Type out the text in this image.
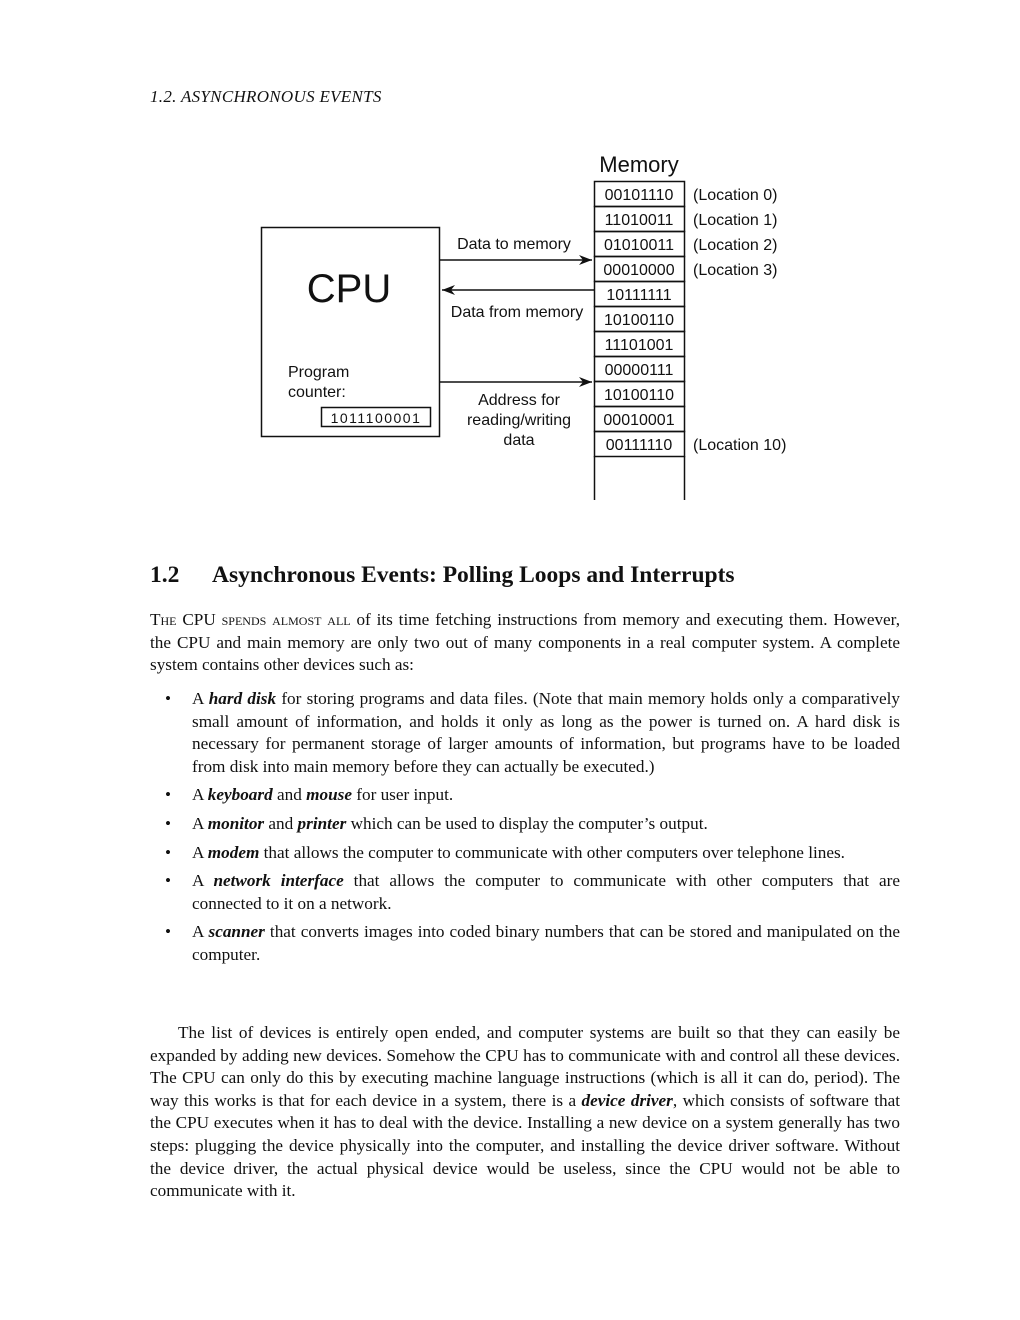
1.2. ASYNCHRONOUS EVENTS
CPU
Program
counter:
1011100001
Data to memory
Data from memory
Address for
reading/writing
data
Memory
00101110 (Location 0)
11010011 (Location 1)
01010011 (Location 2)
00010000 (Location 3)
10111111
10100110
11101001
00000111
10100110
00010001
00111110 (Location 10)
1.2 Asynchronous Events: Polling Loops and Interrupts

The CPU spends almost all of its time fetching instructions from memory and executing them. However, the CPU and main memory are only two out of many components in a real computer system. A complete system contains other devices such as:

• A hard disk for storing programs and data files. (Note that main memory holds only a comparatively small amount of information, and holds it only as long as the power is turned on. A hard disk is necessary for permanent storage of larger amounts of information, but programs have to be loaded from disk into main memory before they can actually be executed.)
• A keyboard and mouse for user input.
• A monitor and printer which can be used to display the computer’s output.
• A modem that allows the computer to communicate with other computers over telephone lines.
• A network interface that allows the computer to communicate with other computers that are connected to it on a network.
• A scanner that converts images into coded binary numbers that can be stored and manipulated on the computer.

The list of devices is entirely open ended, and computer systems are built so that they can easily be expanded by adding new devices. Somehow the CPU has to communicate with and control all these devices. The CPU can only do this by executing machine language instructions (which is all it can do, period). The way this works is that for each device in a system, there is a device driver, which consists of software that the CPU executes when it has to deal with the device. Installing a new device on a system generally has two steps: plugging the device physically into the computer, and installing the device driver software. Without the device driver, the actual physical device would be useless, since the CPU would not be able to communicate with it.
